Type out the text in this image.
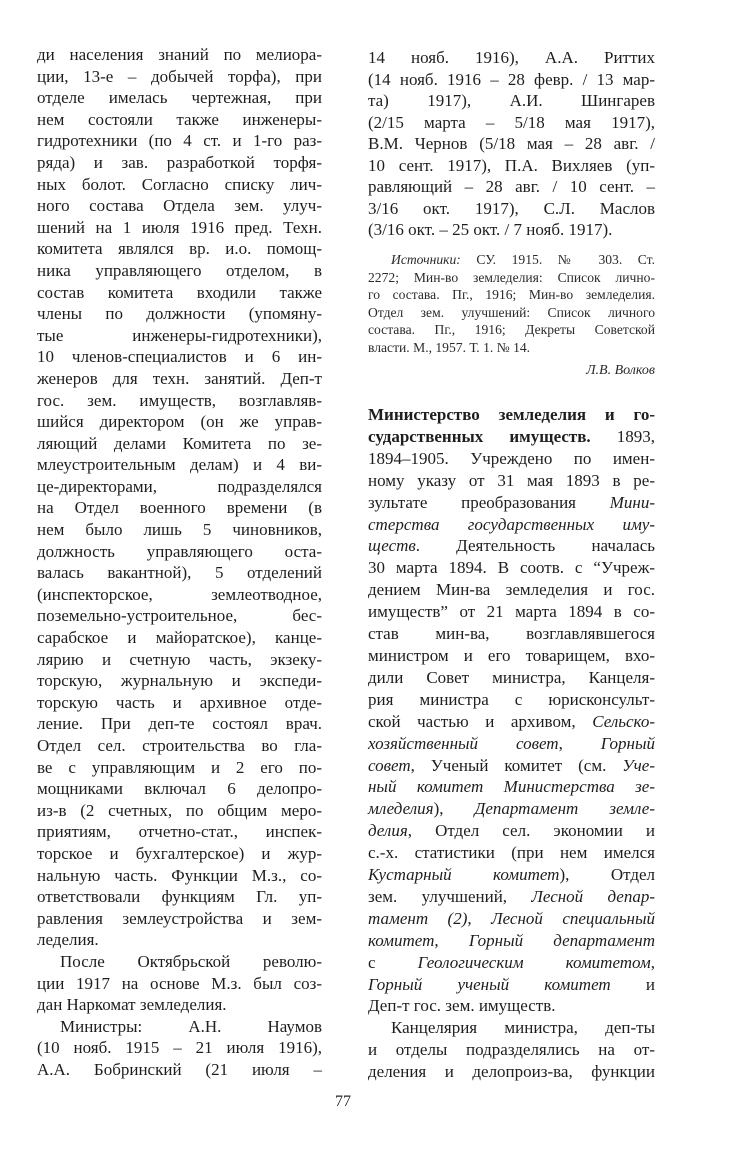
ди населения знаний по мелиора-
ции, 13-е – добычей торфа), при
отделе имелась чертежная, при
нем состояли также инженеры-
гидротехники (по 4 ст. и 1-го раз-
ряда) и зав. разработкой торфя-
ных болот. Согласно списку лич-
ного состава Отдела зем. улуч-
шений на 1 июля 1916 пред. Техн.
комитета являлся вр. и.о. помощ-
ника управляющего отделом, в
состав комитета входили также
члены по должности (упомяну-
тые инженеры-гидротехники),
10 членов-специалистов и 6 ин-
женеров для техн. занятий. Деп-т
гос. зем. имуществ, возглавляв-
шийся директором (он же управ-
ляющий делами Комитета по зе-
млеустроительным делам) и 4 ви-
це-директорами, подразделялся
на Отдел военного времени (в
нем было лишь 5 чиновников,
должность управляющего оста-
валась вакантной), 5 отделений
(инспекторское, землеотводное,
поземельно-устроительное, бес-
сарабское и майоратское), канце-
лярию и счетную часть, экзеку-
торскую, журнальную и экспеди-
торскую часть и архивное отде-
ление. При деп-те состоял врач.
Отдел сел. строительства во гла-
ве с управляющим и 2 его по-
мощниками включал 6 делопро-
из-в (2 счетных, по общим меро-
приятиям, отчетно-стат., инспек-
торское и бухгалтерское) и жур-
нальную часть. Функции М.з., со-
ответствовали функциям Гл. уп-
равления землеустройства и зем-
леделия.
После Октябрьской револю-
ции 1917 на основе М.з. был соз-
дан Наркомат земледелия.
Министры: А.Н. Наумов
(10 нояб. 1915 – 21 июля 1916),
А.А. Бобринский (21 июля –
14 нояб. 1916), А.А. Риттих
(14 нояб. 1916 – 28 февр. / 13 мар-
та) 1917), А.И. Шингарев
(2/15 марта – 5/18 мая 1917),
В.М. Чернов (5/18 мая – 28 авг. /
10 сент. 1917), П.А. Вихляев (уп-
равляющий – 28 авг. / 10 сент. –
3/16 окт. 1917), С.Л. Маслов
(3/16 окт. – 25 окт. / 7 нояб. 1917).
Источники: СУ. 1915. № 303. Ст.
2272; Мин-во земледелия: Список лично-
го состава. Пг., 1916; Мин-во земледелия.
Отдел зем. улучшений: Список личного
состава. Пг., 1916; Декреты Советской
власти. М., 1957. Т. 1. № 14.
Л.В. Волков
Министерство земледелия и го-
сударственных имуществ. 1893,
1894–1905. Учреждено по имен-
ному указу от 31 мая 1893 в ре-
зультате преобразования Мини-
стерства государственных иму-
ществ. Деятельность началась
30 марта 1894. В соотв. с “Учреж-
дением Мин-ва земледелия и гос.
имуществ” от 21 марта 1894 в со-
став мин-ва, возглавлявшегося
министром и его товарищем, вхо-
дили Совет министра, Канцеля-
рия министра с юрисконсульт-
ской частью и архивом, Сельско-
хозяйственный совет, Горный
совет, Ученый комитет (см. Уче-
ный комитет Министерства зе-
мледелия), Департамент земле-
делия, Отдел сел. экономии и
с.-х. статистики (при нем имелся
Кустарный комитет), Отдел
зем. улучшений, Лесной депар-
тамент (2), Лесной специальный
комитет, Горный департамент
с Геологическим комитетом,
Горный ученый комитет и
Деп-т гос. зем. имуществ.
Канцелярия министра, деп-ты
и отделы подразделялись на от-
деления и делопроиз-ва, функции
77
